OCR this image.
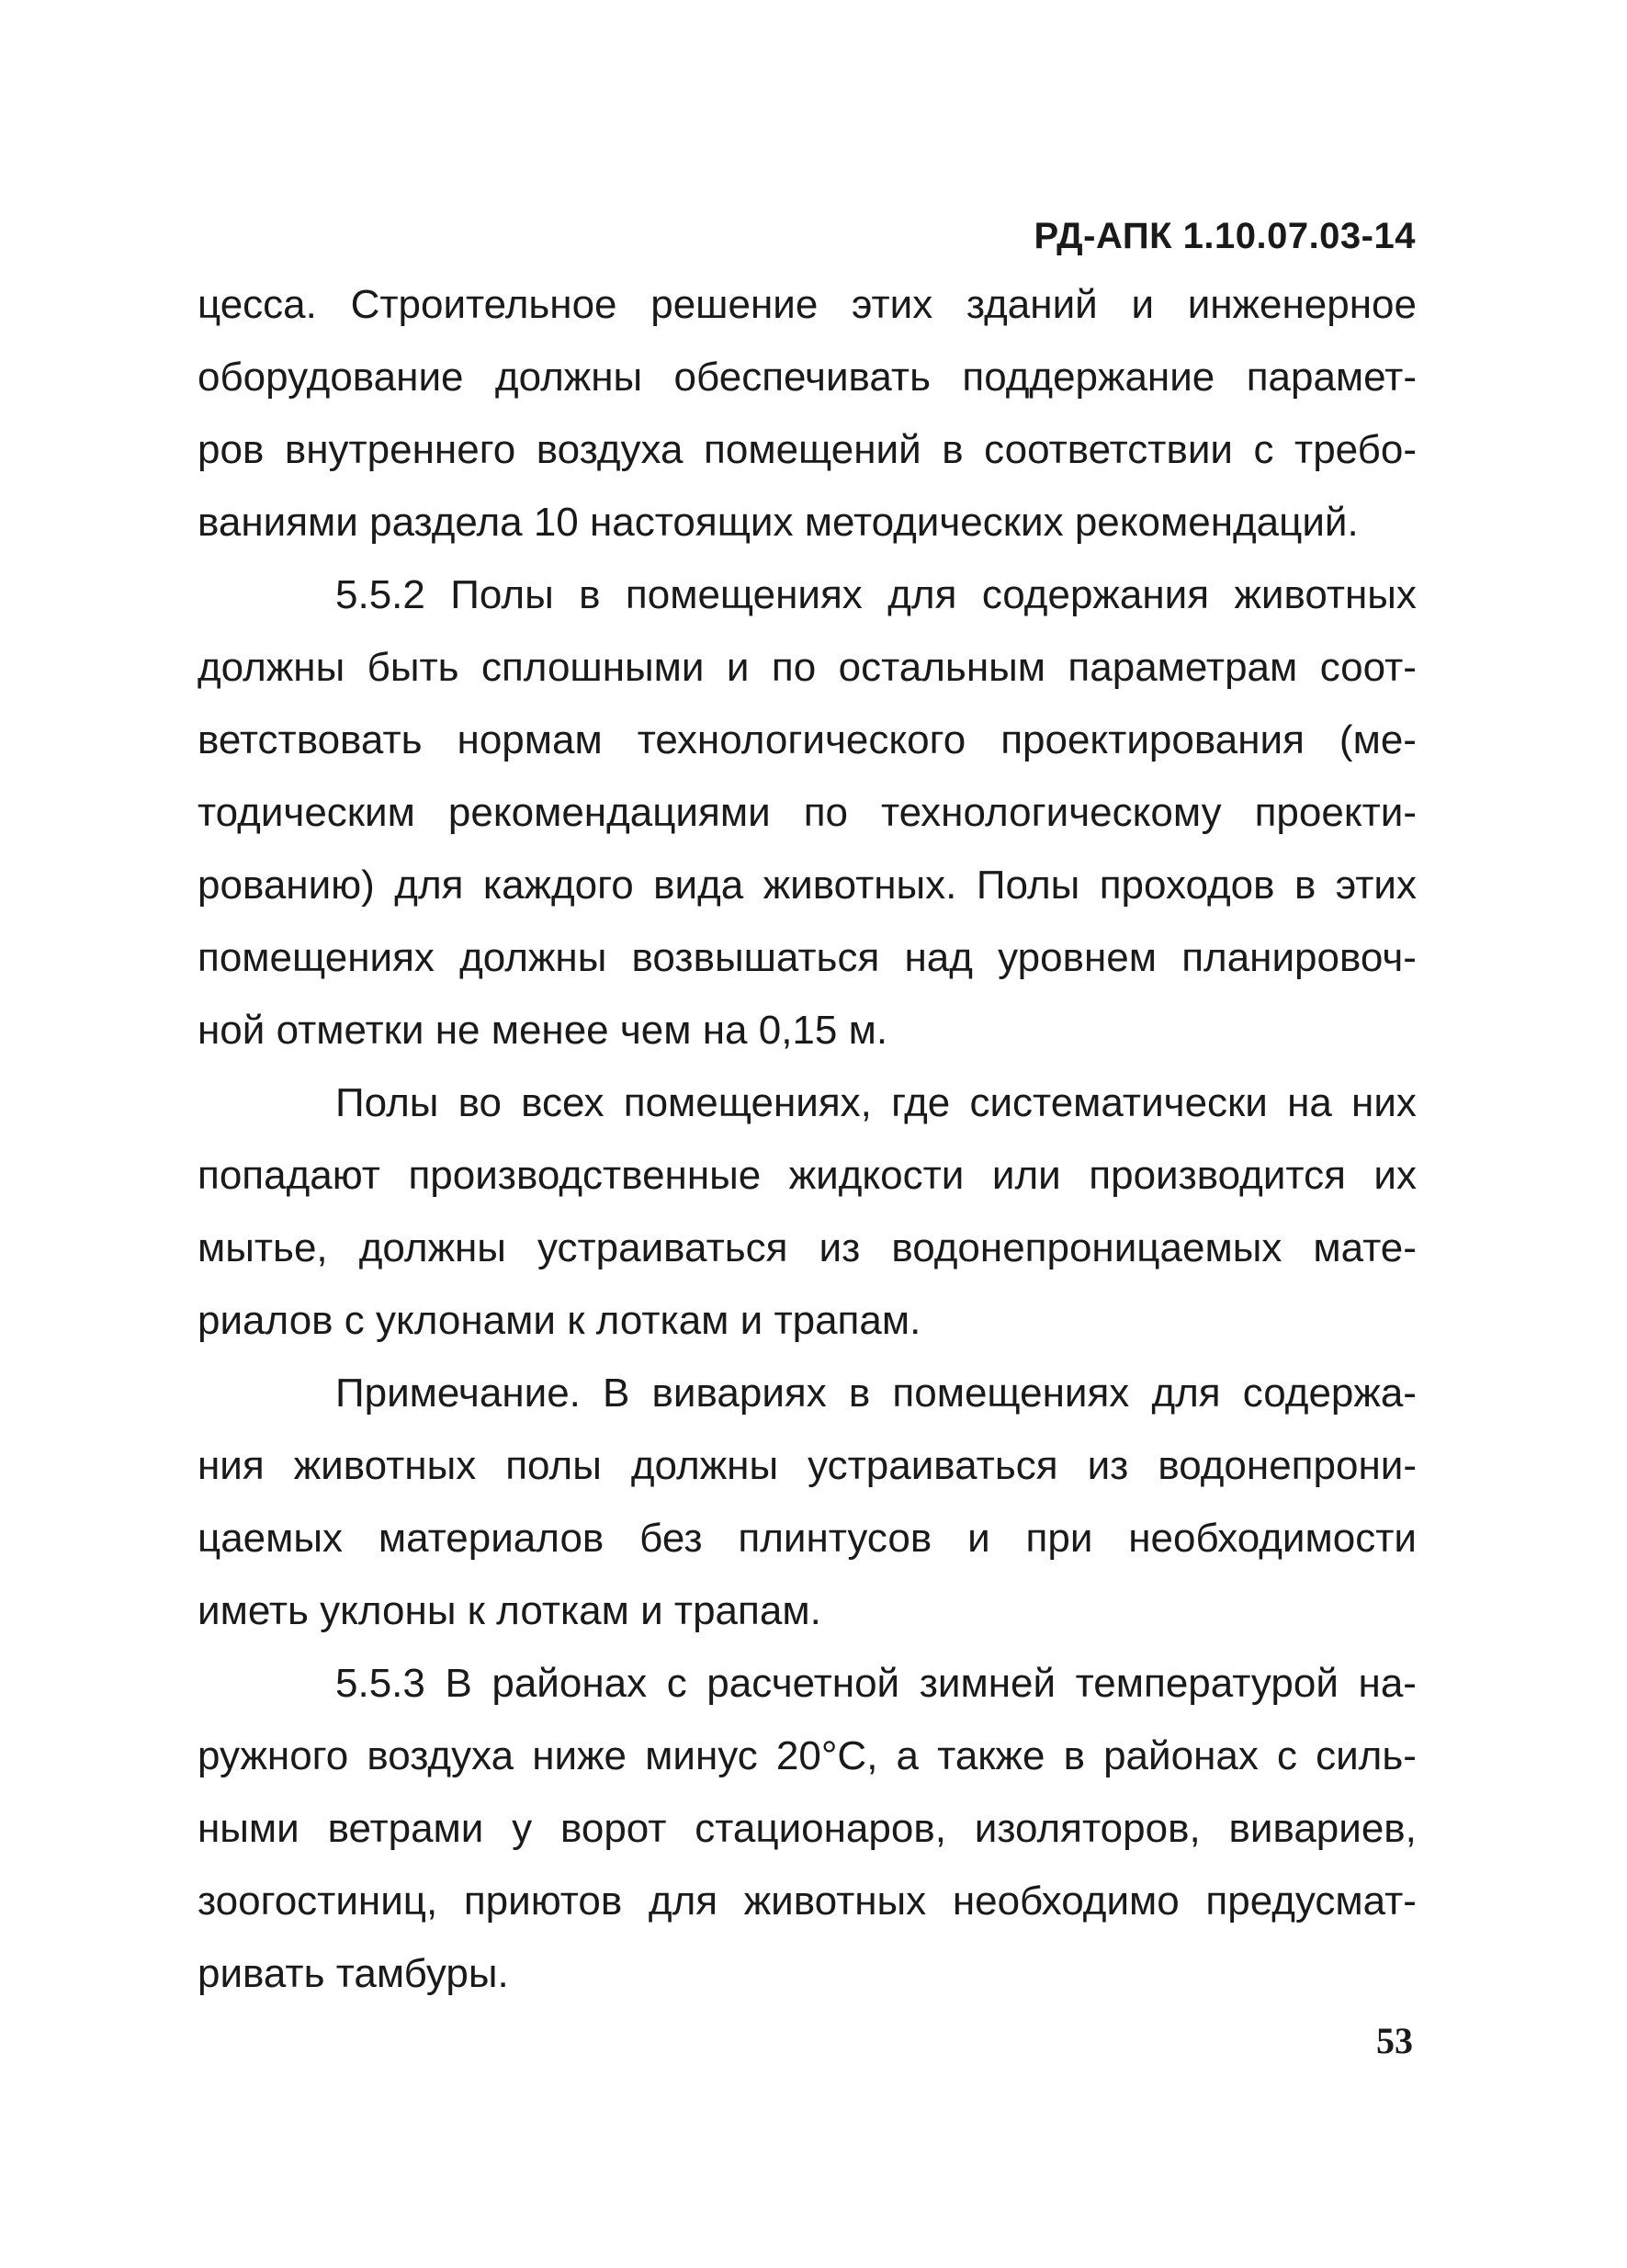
РД-АПК 1.10.07.03-14
цесса. Строительное решение этих зданий и инженерное
оборудование должны обеспечивать поддержание парамет-
ров внутреннего воздуха помещений в соответствии с требо-
ваниями раздела 10 настоящих методических рекомендаций.
5.5.2 Полы в помещениях для содержания животных
должны быть сплошными и по остальным параметрам соот-
ветствовать нормам технологического проектирования (ме-
тодическим рекомендациями по технологическому проекти-
рованию) для каждого вида животных. Полы проходов в этих
помещениях должны возвышаться над уровнем планировоч-
ной отметки не менее чем на 0,15 м.
Полы во всех помещениях, где систематически на них
попадают производственные жидкости или производится их
мытье, должны устраиваться из водонепроницаемых мате-
риалов с уклонами к лоткам и трапам.
Примечание. В вивариях в помещениях для содержа-
ния животных полы должны устраиваться из водонепрони-
цаемых материалов без плинтусов и при необходимости
иметь уклоны к лоткам и трапам.
5.5.3 В районах с расчетной зимней температурой на-
ружного воздуха ниже минус 20°С, а также в районах с силь-
ными ветрами у ворот стационаров, изоляторов, вивариев,
зоогостиниц, приютов для животных необходимо предусмат-
ривать тамбуры.
53
